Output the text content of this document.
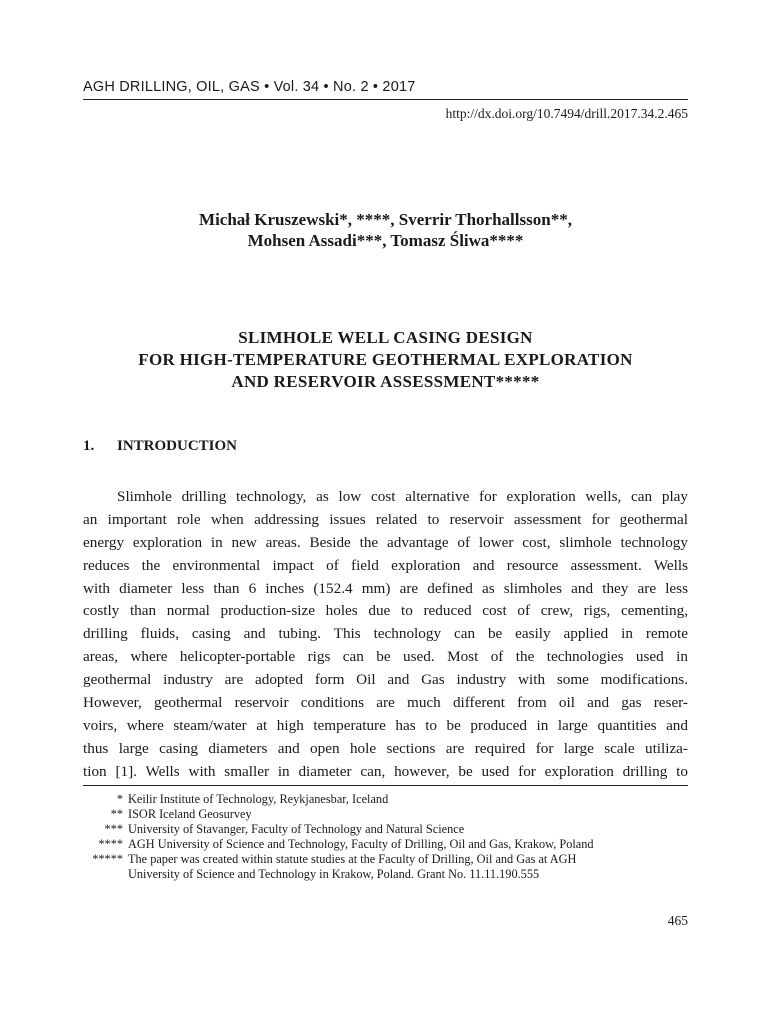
AGH DRILLING, OIL, GAS • Vol. 34 • No. 2 • 2017
http://dx.doi.org/10.7494/drill.2017.34.2.465
Michał Kruszewski*, ****, Sverrir Thorhallsson**,
Mohsen Assadi***, Tomasz Śliwa****
SLIMHOLE WELL CASING DESIGN
FOR HIGH-TEMPERATURE GEOTHERMAL EXPLORATION
AND RESERVOIR ASSESSMENT*****
1. INTRODUCTION
Slimhole drilling technology, as low cost alternative for exploration wells, can play
an important role when addressing issues related to reservoir assessment for geothermal
energy exploration in new areas. Beside the advantage of lower cost, slimhole technology
reduces the environmental impact of field exploration and resource assessment. Wells
with diameter less than 6 inches (152.4 mm) are defined as slimholes and they are less
costly than normal production-size holes due to reduced cost of crew, rigs, cementing,
drilling fluids, casing and tubing. This technology can be easily applied in remote
areas, where helicopter-portable rigs can be used. Most of the technologies used in
geothermal industry are adopted form Oil and Gas industry with some modifications.
However, geothermal reservoir conditions are much different from oil and gas reser-
voirs, where steam/water at high temperature has to be produced in large quantities and
thus large casing diameters and open hole sections are required for large scale utiliza-
tion [1]. Wells with smaller in diameter can, however, be used for exploration drilling to
* Keilir Institute of Technology, Reykjanesbar, Iceland
** ISOR Iceland Geosurvey
*** University of Stavanger, Faculty of Technology and Natural Science
**** AGH University of Science and Technology, Faculty of Drilling, Oil and Gas, Krakow, Poland
***** The paper was created within statute studies at the Faculty of Drilling, Oil and Gas at AGH
University of Science and Technology in Krakow, Poland. Grant No. 11.11.190.555
465
